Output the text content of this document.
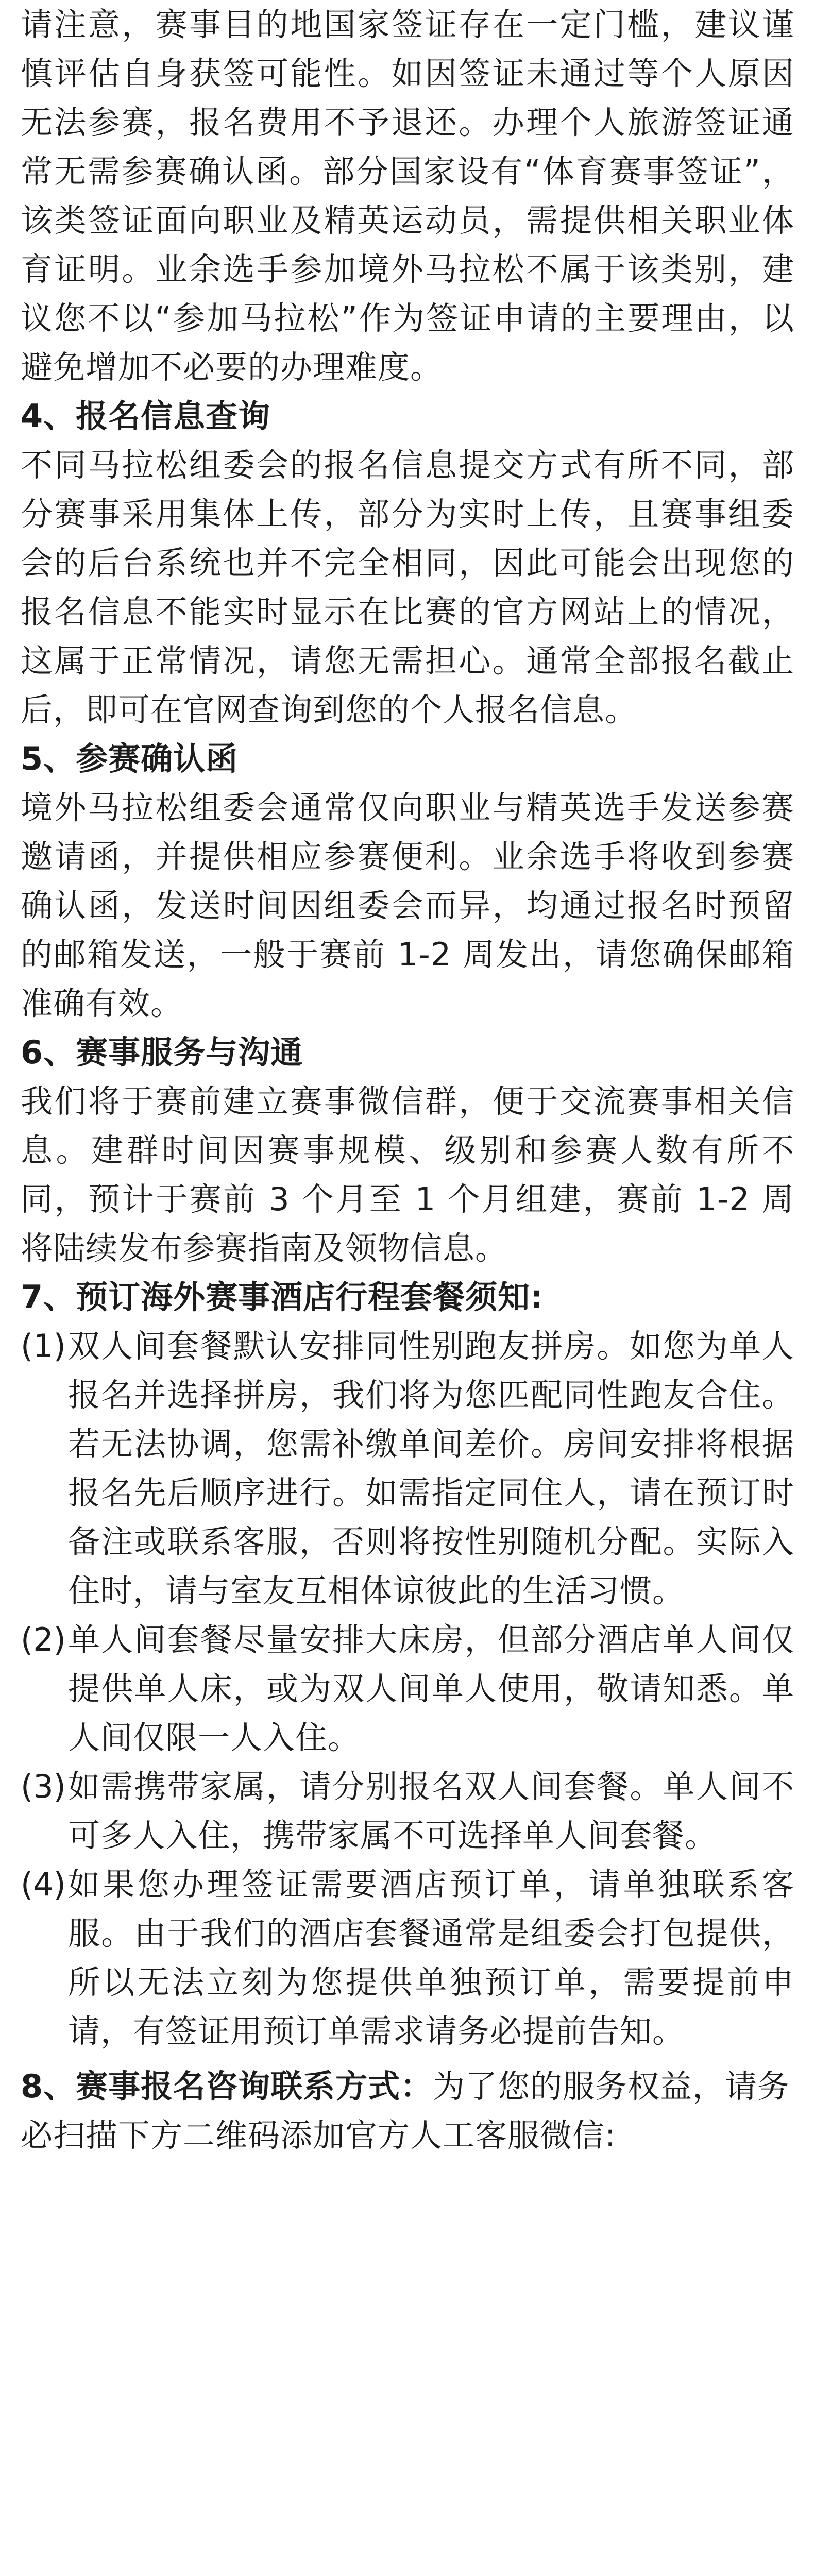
请注意，赛事目的地国家签证存在一定门槛，建议谨慎评估自身获签可能性。如因签证未通过等个人原因无法参赛，报名费用不予退还。办理个人旅游签证通常无需参赛确认函。部分国家设有“体育赛事签证”，该类签证面向职业及精英运动员，需提供相关职业体育证明。业余选手参加境外马拉松不属于该类别，建议您不以“参加马拉松”作为签证申请的主要理由，以避免增加不必要的办理难度。

4、报名信息查询

不同马拉松组委会的报名信息提交方式有所不同，部分赛事采用集体上传，部分为实时上传，且赛事组委会的后台系统也并不完全相同，因此可能会出现您的报名信息不能实时显示在比赛的官方网站上的情况，这属于正常情况，请您无需担心。通常全部报名截止后，即可在官网查询到您的个人报名信息。

5、参赛确认函

境外马拉松组委会通常仅向职业与精英选手发送参赛邀请函，并提供相应参赛便利。业余选手将收到参赛确认函，发送时间因组委会而异，均通过报名时预留的邮箱发送，一般于赛前 1-2 周发出，请您确保邮箱准确有效。

6、赛事服务与沟通

我们将于赛前建立赛事微信群，便于交流赛事相关信息。建群时间因赛事规模、级别和参赛人数有所不同，预计于赛前 3 个月至 1 个月组建，赛前 1-2 周将陆续发布参赛指南及领物信息。

7、预订海外赛事酒店行程套餐须知:

(1) 双人间套餐默认安排同性别跑友拼房。如您为单人报名并选择拼房，我们将为您匹配同性跑友合住。若无法协调，您需补缴单间差价。房间安排将根据报名先后顺序进行。如需指定同住人，请在预订时备注或联系客服，否则将按性别随机分配。实际入住时，请与室友互相体谅彼此的生活习惯。
(2) 单人间套餐尽量安排大床房，但部分酒店单人间仅提供单人床，或为双人间单人使用，敬请知悉。单人间仅限一人入住。
(3) 如需携带家属，请分别报名双人间套餐。单人间不可多人入住，携带家属不可选择单人间套餐。
(4) 如果您办理签证需要酒店预订单，请单独联系客服。由于我们的酒店套餐通常是组委会打包提供，所以无法立刻为您提供单独预订单，需要提前申请，有签证用预订单需求请务必提前告知。

8、赛事报名咨询联系方式：为了您的服务权益，请务必扫描下方二维码添加官方人工客服微信:
